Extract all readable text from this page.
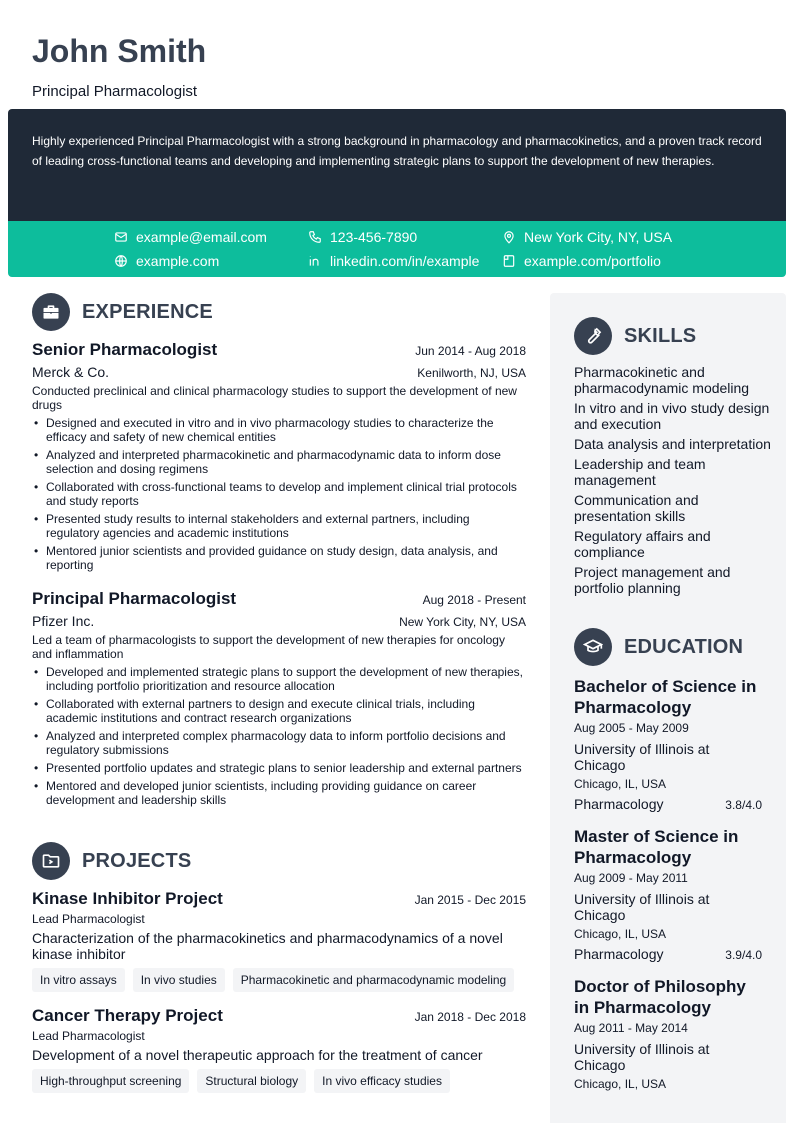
John Smith
Principal Pharmacologist
Highly experienced Principal Pharmacologist with a strong background in pharmacology and pharmacokinetics, and a proven track record of leading cross-functional teams and developing and implementing strategic plans to support the development of new therapies.
example@email.com	123-456-7890	New York City, NY, USA
example.com	linkedin.com/in/example	example.com/portfolio
EXPERIENCE
Senior Pharmacologist	Jun 2014 - Aug 2018
Merck & Co.	Kenilworth, NJ, USA
Conducted preclinical and clinical pharmacology studies to support the development of new drugs
• Designed and executed in vitro and in vivo pharmacology studies to characterize the efficacy and safety of new chemical entities
• Analyzed and interpreted pharmacokinetic and pharmacodynamic data to inform dose selection and dosing regimens
• Collaborated with cross-functional teams to develop and implement clinical trial protocols and study reports
• Presented study results to internal stakeholders and external partners, including regulatory agencies and academic institutions
• Mentored junior scientists and provided guidance on study design, data analysis, and reporting
Principal Pharmacologist	Aug 2018 - Present
Pfizer Inc.	New York City, NY, USA
Led a team of pharmacologists to support the development of new therapies for oncology and inflammation
• Developed and implemented strategic plans to support the development of new therapies, including portfolio prioritization and resource allocation
• Collaborated with external partners to design and execute clinical trials, including academic institutions and contract research organizations
• Analyzed and interpreted complex pharmacology data to inform portfolio decisions and regulatory submissions
• Presented portfolio updates and strategic plans to senior leadership and external partners
• Mentored and developed junior scientists, including providing guidance on career development and leadership skills
PROJECTS
Kinase Inhibitor Project	Jan 2015 - Dec 2015
Lead Pharmacologist
Characterization of the pharmacokinetics and pharmacodynamics of a novel kinase inhibitor
In vitro assays	In vivo studies	Pharmacokinetic and pharmacodynamic modeling
Cancer Therapy Project	Jan 2018 - Dec 2018
Lead Pharmacologist
Development of a novel therapeutic approach for the treatment of cancer
High-throughput screening	Structural biology	In vivo efficacy studies
SKILLS
Pharmacokinetic and pharmacodynamic modeling
In vitro and in vivo study design and execution
Data analysis and interpretation
Leadership and team management
Communication and presentation skills
Regulatory affairs and compliance
Project management and portfolio planning
EDUCATION
Bachelor of Science in Pharmacology
Aug 2005 - May 2009
University of Illinois at Chicago
Chicago, IL, USA
Pharmacology	3.8/4.0
Master of Science in Pharmacology
Aug 2009 - May 2011
University of Illinois at Chicago
Chicago, IL, USA
Pharmacology	3.9/4.0
Doctor of Philosophy in Pharmacology
Aug 2011 - May 2014
University of Illinois at Chicago
Chicago, IL, USA
